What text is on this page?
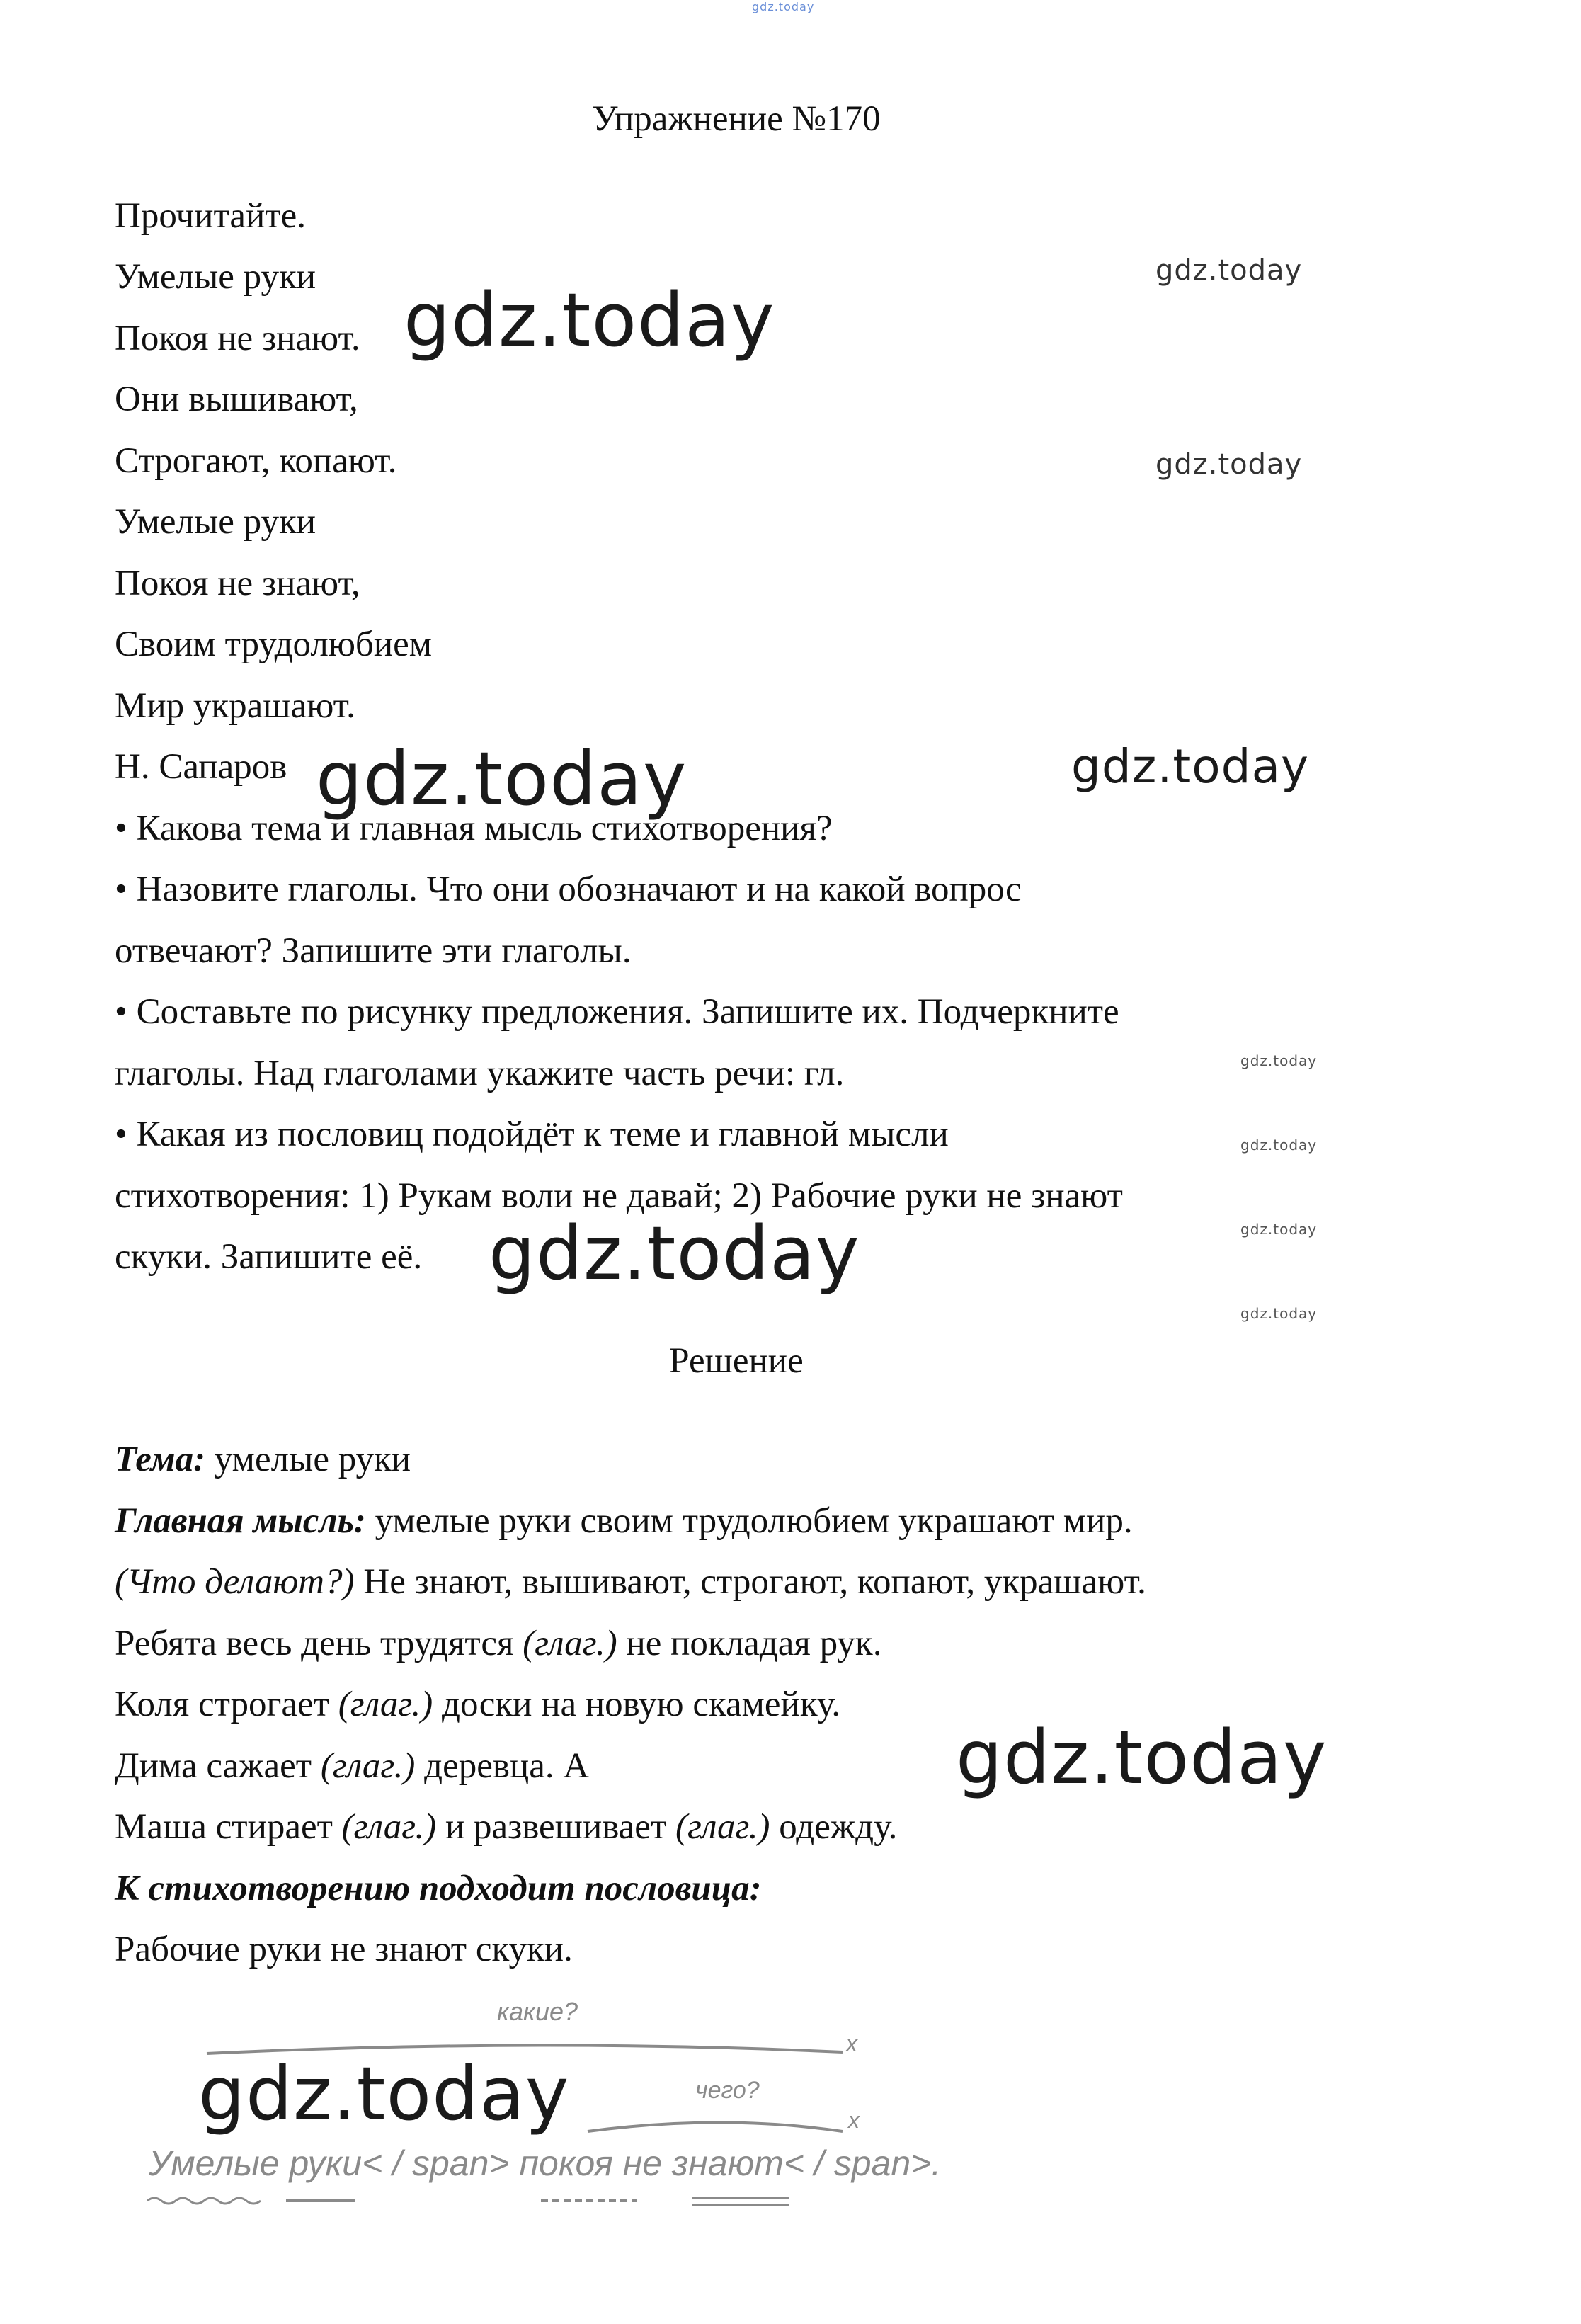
gdz.today
gdz.today
gdz.today
gdz.today
gdz.today	gdz.today
gdz.today
gdz.today
gdz.today	gdz.today
gdz.today
gdz.today
gdz.today
Упражнение №170
Прочитайте.
Умелые руки
Покоя не знают.
Они вышивают,
Строгают, копают.
Умелые руки
Покоя не знают,
Своим трудолюбием
Мир украшают.
Н. Сапаров
• Какова тема и главная мысль стихотворения?
• Назовите глаголы. Что они обозначают и на какой вопрос
отвечают? Запишите эти глаголы.
• Составьте по рисунку предложения. Запишите их. Подчеркните
глаголы. Над глаголами укажите часть речи: гл.
• Какая из пословиц подойдёт к теме и главной мысли
стихотворения: 1) Рукам воли не давай; 2) Рабочие руки не знают
скуки. Запишите её.
Решение
Тема: умелые руки
Главная мысль: умелые руки своим трудолюбием украшают мир.
(Что делают?) Не знают, вышивают, строгают, копают, украшают.
Ребята весь день трудятся (глаг.) не покладая рук.
Коля строгает (глаг.) доски на новую скамейку.
Дима сажает (глаг.) деревца. А
Маша стирает (глаг.) и развешивает (глаг.) одежду.
К стихотворению подходит пословица:
Рабочие руки не знают скуки.
какие?
x
чего?
x
Умелые руки< / span> покоя не знают< / span>.
